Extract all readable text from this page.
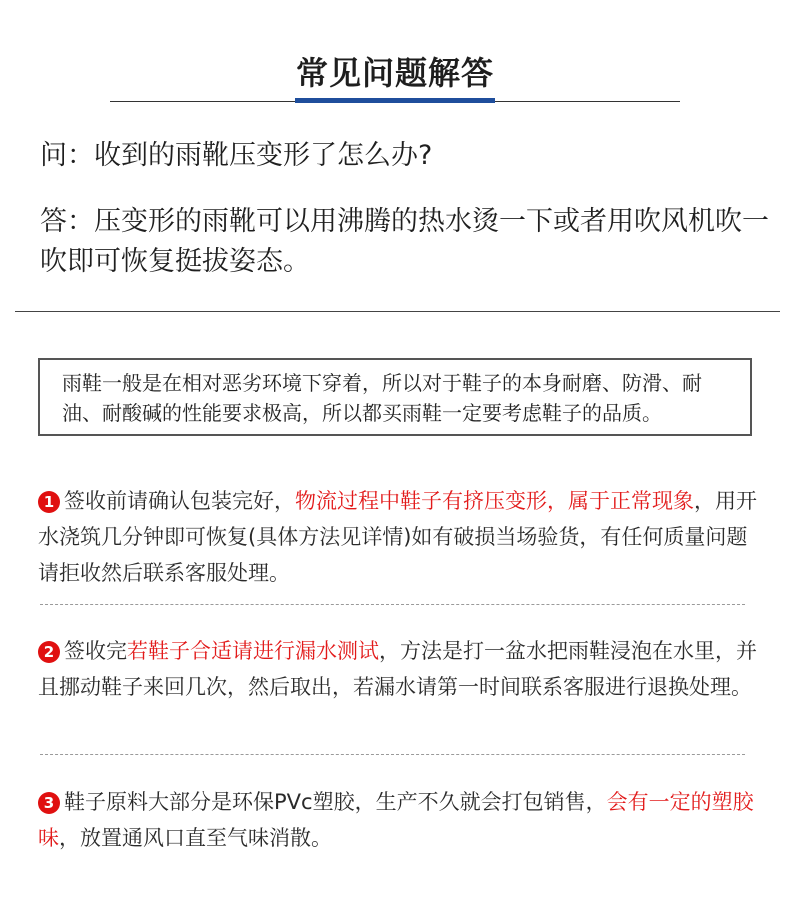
常见问题解答
问：收到的雨靴压变形了怎么办?
答：压变形的雨靴可以用沸腾的热水烫一下或者用吹风机吹一吹即可恢复挺拔姿态。
雨鞋一般是在相对恶劣环境下穿着，所以对于鞋子的本身耐磨、防滑、耐油、耐酸碱的性能要求极高，所以都买雨鞋一定要考虑鞋子的品质。
1 签收前请确认包装完好，物流过程中鞋子有挤压变形，属于正常现象，用开水浇筑几分钟即可恢复(具体方法见详情)如有破损当场验货，有任何质量问题请拒收然后联系客服处理。
2 签收完若鞋子合适请进行漏水测试，方法是打一盆水把雨鞋浸泡在水里，并且挪动鞋子来回几次，然后取出，若漏水请第一时间联系客服进行退换处理。
3 鞋子原料大部分是环保PVc塑胶，生产不久就会打包销售，会有一定的塑胶味，放置通风口直至气味消散。
